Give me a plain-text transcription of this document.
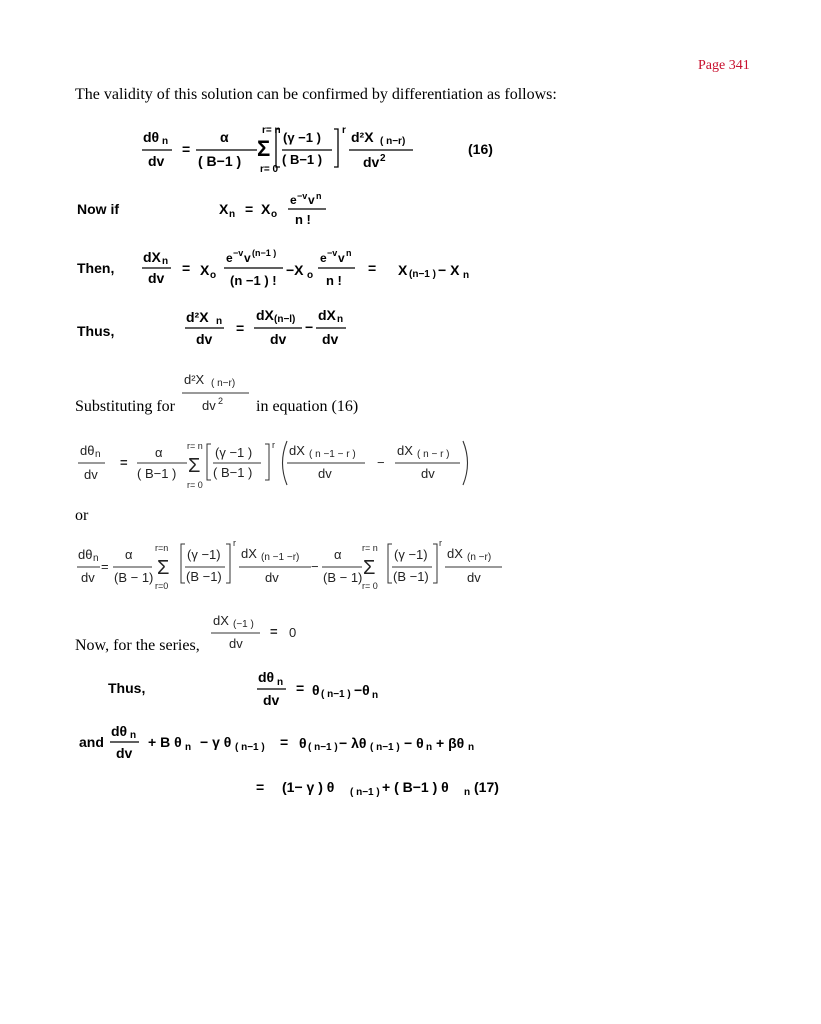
Page 341
The validity of this solution can be confirmed by differentiation as follows:
dθ n
dv
=
α
( B−1 )
r= n
Σ
r= 0
(γ −1 )
( B−1 )
r d²X ( n−r)
dv 2
(16)
Now if	X n = X o
e −v v n
n !
Then,
dX n
dv
= X o
e −v v (n−1 )
(n −1 ) !
−X o
e −v v n
n !
= X (n−1 ) − X n
Thus,
d²X n
dv
=
dX (n−l)
dv
−
dX n
dv
Substituting for
d²X ( n−r)
dv 2 in equation (16)
dθ n
dv
=
α
( B−1 )
r= n
Σ
r= 0
(γ −1 )
( B−1 )
r dX ( n −1 − r )
dv
−
dX ( n − r )
dv
or
dθ n
dv
=
α
(B − 1)
r=n
Σ
r=0
(γ −1)
(B −1)
r
dX (n −1 −r)
dv
−
α
(B − 1)
r= n
Σ
r= 0
(γ −1)
(B −1)
r
dX (n −r)
dv
Now, for the series,
dX (−1 )
dv
= 0
Thus,
dθ n
dv
= θ ( n−1 ) −θ n
and
dθ n
dv
+ B θ n − γ θ ( n−1 ) = θ ( n−1 ) − λθ ( n−1 ) − θ n + βθ n
= (1− γ ) θ ( n−1 ) + ( B−1 ) θ n (17)
